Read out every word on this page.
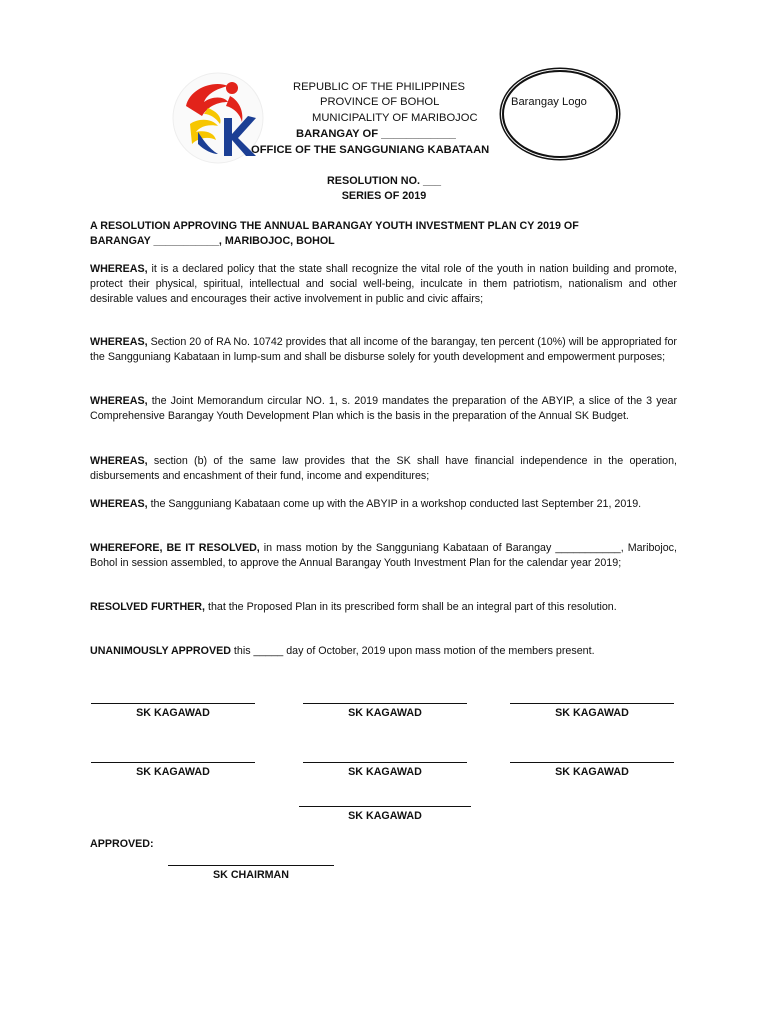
REPUBLIC OF THE PHILIPPINES
PROVINCE OF BOHOL
MUNICIPALITY OF MARIBOJOC
BARANGAY OF ____________
OFFICE OF THE SANGGUNIANG KABATAAN
Barangay Logo
RESOLUTION NO. ___
SERIES OF 2019

A RESOLUTION APPROVING THE ANNUAL BARANGAY YOUTH INVESTMENT PLAN CY 2019 OF
BARANGAY ___________, MARIBOJOC, BOHOL

WHEREAS, it is a declared policy that the state shall recognize the vital role of the youth in nation building and promote, protect their physical, spiritual, intellectual and social well-being, inculcate in them patriotism, nationalism and other desirable values and encourages their active involvement in public and civic affairs;

WHEREAS, Section 20 of RA No. 10742 provides that all income of the barangay, ten percent (10%) will be appropriated for the Sangguniang Kabataan in lump-sum and shall be disburse solely for youth development and empowerment purposes;

WHEREAS, the Joint Memorandum circular NO. 1, s. 2019 mandates the preparation of the ABYIP, a slice of the 3 year Comprehensive Barangay Youth Development Plan which is the basis in the preparation of the Annual SK Budget.

WHEREAS, section (b) of the same law provides that the SK shall have financial independence in the operation, disbursements and encashment of their fund, income and expenditures;

WHEREAS, the Sangguniang Kabataan come up with the ABYIP in a workshop conducted last September 21, 2019.

WHEREFORE, BE IT RESOLVED, in mass motion by the Sangguniang Kabataan of Barangay ___________, Maribojoc, Bohol in session assembled, to approve the Annual Barangay Youth Investment Plan for the calendar year 2019;

RESOLVED FURTHER, that the Proposed Plan in its prescribed form shall be an integral part of this resolution.

UNANIMOUSLY APPROVED this _____ day of October, 2019 upon mass motion of the members present.

SK KAGAWAD	SK KAGAWAD	SK KAGAWAD
SK KAGAWAD	SK KAGAWAD	SK KAGAWAD
SK KAGAWAD
APPROVED:
SK CHAIRMAN
